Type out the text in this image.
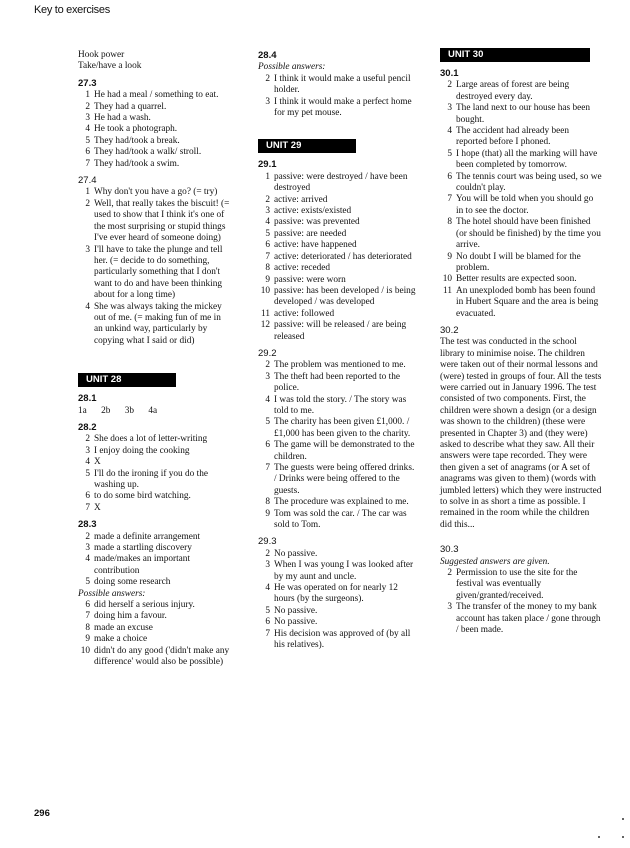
Key to exercises

Hook power

Take/have a look

27.3
1 He had a meal / something to eat.
2 They had a quarrel.
3 He had a wash.
4 He took a photograph.
5 They had/took a break.
6 They had/took a walk/ stroll.
7 They had/took a swim.
27.4
1 Why don't you have a go? (= try)
2 Well, that really takes the biscuit! (= used to show that I think it's one of the most surprising or stupid things I've ever heard of someone doing)
3 I'll have to take the plunge and tell her. (= decide to do something, particularly something that I don't want to do and have been thinking about for a long time)
4 She was always taking the mickey out of me. (= making fun of me in an unkind way, particularly by copying what I said or did)
UNIT 28
28.1

1a 2b 3b 4a

28.2
2 She does a lot of letter-writing
3 I enjoy doing the cooking
4 X
5 I'll do the ironing if you do the washing up.
6 to do some bird watching.
7 X
28.3
2 made a definite arrangement
3 made a startling discovery
4 made/makes an important contribution
5 doing some research

Possible answers:

6 did herself a serious injury.
7 doing him a favour.
8 made an excuse
9 make a choice
10 didn't do any good ('didn't make any difference' would also be possible)
28.4

Possible answers:

2 I think it would make a useful pencil holder.
3 I think it would make a perfect home for my pet mouse.
UNIT 29
29.1
1 passive: were destroyed / have been destroyed
2 active: arrived
3 active: exists/existed
4 passive: was prevented
5 passive: are needed
6 active: have happened
7 active: deteriorated / has deteriorated
8 active: receded
9 passive: were worn
10 passive: has been developed / is being developed / was developed
11 active: followed
12 passive: will be released / are being released
29.2
2 The problem was mentioned to me.
3 The theft had been reported to the police.
4 I was told the story. / The story was told to me.
5 The charity has been given £1,000. / £1,000 has been given to the charity.
6 The game will be demonstrated to the children.
7 The guests were being offered drinks. / Drinks were being offered to the guests.
8 The procedure was explained to me.
9 Tom was sold the car. / The car was sold to Tom.
29.3
2 No passive.
3 When I was young I was looked after by my aunt and uncle.
4 He was operated on for nearly 12 hours (by the surgeons).
5 No passive.
6 No passive.
7 His decision was approved of (by all his relatives).
UNIT 30
30.1
2 Large areas of forest are being destroyed every day.
3 The land next to our house has been bought.
4 The accident had already been reported before I phoned.
5 I hope (that) all the marking will have been completed by tomorrow.
6 The tennis court was being used, so we couldn't play.
7 You will be told when you should go in to see the doctor.
8 The hotel should have been finished (or should be finished) by the time you arrive.
9 No doubt I will be blamed for the problem.
10 Better results are expected soon.
11 An unexploded bomb has been found in Hubert Square and the area is being evacuated.
30.2

The test was conducted in the school library to minimise noise. The children were taken out of their normal lessons and (were) tested in groups of four. All the tests were carried out in January 1996. The test consisted of two components. First, the children were shown a design (or a design was shown to the children) (these were presented in Chapter 3) and (they were) asked to describe what they saw. All their answers were tape recorded. They were then given a set of anagrams (or A set of anagrams was given to them) (words with jumbled letters) which they were instructed to solve in as short a time as possible. I remained in the room while the children did this...

30.3

Suggested answers are given.

2 Permission to use the site for the festival was eventually given/granted/received.
3 The transfer of the money to my bank account has taken place / gone through / been made.
296
